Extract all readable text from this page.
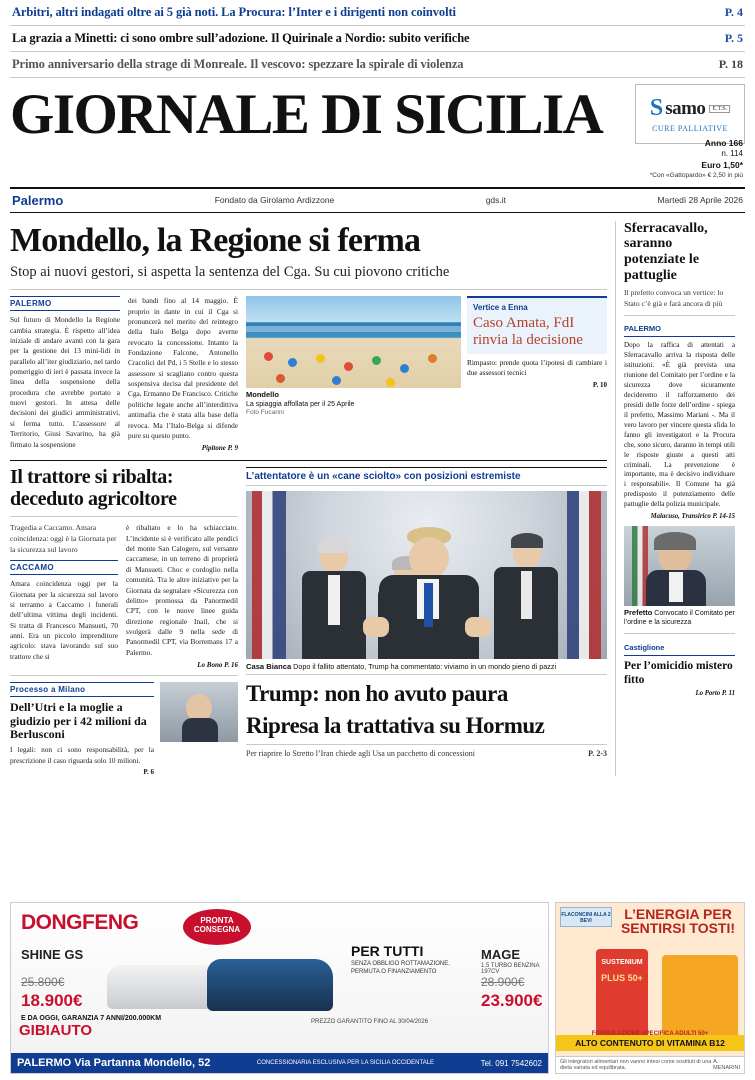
Arbitri, altri indagati oltre ai 5 già noti. La Procura: l’Inter e i dirigenti non coinvolti	P. 4
La grazia a Minetti: ci sono ombre sull’adozione. Il Quirinale a Nordio: subito verifiche	P. 5
Primo anniversario della strage di Monreale. Il vescovo: spezzare la spirale di violenza	P. 18
GIORNALE DI SICILIA S samo	E.T.S.
CURE PALLIATIVE
Anno 166
n. 114
Euro 1,50*
*Con «Gattopardo» € 2,50 in più
Palermo	Fondato da Girolamo Ardizzone	gds.it	Martedì 28 Aprile 2026
Mondello, la Regione si ferma
Stop ai nuovi gestori, si aspetta la sentenza del Cga. Su cui piovono critiche
PALERMO
Sul futuro di Mondello la Regione cambia strategia. È rispetto all’idea iniziale di andare avanti con la gara per la gestione dei 13 mini-lidi in parallelo all’iter giudiziario, nel tardo pomeriggio di ieri è passata invece la linea della sospensione della procedura che avrebbe portato a nuovi gestori. In attesa delle decisioni dei giudici amministrativi, si ferma tutto. L’assessore al Territorio, Giusi Savarino, ha già firmato la sospensione
dei bandi fino al 14 maggio. È proprio in dante in cui il Cga si pronuncerà nel merito del reintegro della Italo Belga dopo averne revocato la concessione. Intanto la Fondazione Falcone, Antonello Cracolici del Pd, i 5 Stelle e lo stesso assessore si scagliano contro questa sospensiva decisa dal presidente del Cga, Ermanno De Francisco. Critiche politiche legate anche all’interdittiva antimafia che è stata alla base della revoca. Ma l’Italo-Belga si difende pure su questo punto.
Pipitone P. 9
Mondello
La spiaggia affollata per il 25 Aprile
Foto Fucarini
Vertice a Enna
Caso Amata, FdI rinvia la decisione
Rimpasto: prende quota l’ipotesi di cambiare i due assessori tecnici
P. 10
Il trattore si ribalta: deceduto agricoltore
Tragedia a Caccamo. Amara coincidenza: oggi è la Giornata per la sicurezza sul lavoro
CACCAMO
Amara coincidenza oggi per la Giornata per la sicurezza sul lavoro si terranno a Caccamo i funerali dell’ultima vittima degli incidenti. Si tratta di Francesco Mansueti, 70 anni. Era un piccolo imprenditore agricolo: stava lavorando sul suo trattore che si
è ribaltato e lo ha schiacciato. L’incidente si è verificato alle pendici del monte San Calogero, sul versante caccamese, in un terreno di proprietà di Mansueti. Choc e cordoglio nella comunità. Tra le altre iniziative per la Giornata da segnalare «Sicurezza con delitto» promossa da Panormedil CPT, con le nuove linee guida direzione regionale Inail, che si svolgerà dalle 9 nella sede di Panormedil CPT, via Borremans 17 a Palermo.
Lo Bono P. 16
Processo a Milano
Dell’Utri e la moglie a giudizio per i 42 milioni da Berlusconi
I legali: non ci sono responsabilità, per la prescrizione il caso riguarda solo 10 milioni.
P. 6
L’attentatore è un «cane sciolto» con posizioni estremiste
Casa Bianca Dopo il fallito attentato, Trump ha commentato: viviamo in un mondo pieno di pazzi
Trump: non ho avuto paura
Ripresa la trattativa su Hormuz
Per riaprire lo Stretto l’Iran chiede agli Usa un pacchetto di concessioni	P. 2-3
Sferracavallo, saranno potenziate le pattuglie
Il prefetto convoca un vertice: lo Stato c’è già e farà ancora di più
PALERMO
Dopo la raffica di attentati a Sferracavallo arriva la risposta delle istituzioni. «È già prevista una riunione del Comitato per l’ordine e la sicurezza dove sicuramente decideremo il rafforzamento dei presidi delle forze dell’ordine - spiega il prefetto, Massimo Mariani -. Ma il vero lavoro per vincere questa sfida lo fanno gli investigatori e la Procura che, sono sicuro, daranno in tempi utili le risposte giuste a questi atti criminali. La prevenzione è importante, ma è decisivo individuare i responsabili». Il Comune ha già predisposto il potenziamento delle pattuglie della polizia municipale.
Malacuso, Transirico P. 14-15
Prefetto Convocato il Comitato per l’ordine e la sicurezza
Castiglione
Per l’omicidio mistero fitto
Lo Porto P. 11
DONGFENG	PRONTA CONSEGNA
SHINE GS
25.800€
18.900€
PER TUTTI
SENZA OBBLIGO ROTTAMAZIONE, PERMUTA O FINANZIAMENTO
MAGE
1.5 TURBO BENZINA 197CV
28.900€
23.900€
E DA OGGI, GARANZIA 7 ANNI/200.000KM	PREZZO GARANTITO FINO AL 30/04/2026
GIBIAUTO
PALERMO Via Partanna Mondello, 52	CONCESSIONARIA ESCLUSIVA PER LA SICILIA OCCIDENTALE	Tel. 091 7542602
FLACONCINI ALLA 2 BEVI	L’ENERGIA PER SENTIRSI TOSTI!
SUSTENIUM
PLUS 50+
ALTO CONTENUTO DI VITAMINA B12
FORMULAZIONE SPECIFICA ADULTI 50+
Gli integratori alimentari non vanno intesi come sostituti di una dieta variata ed equilibrata.
A. MENARINI
